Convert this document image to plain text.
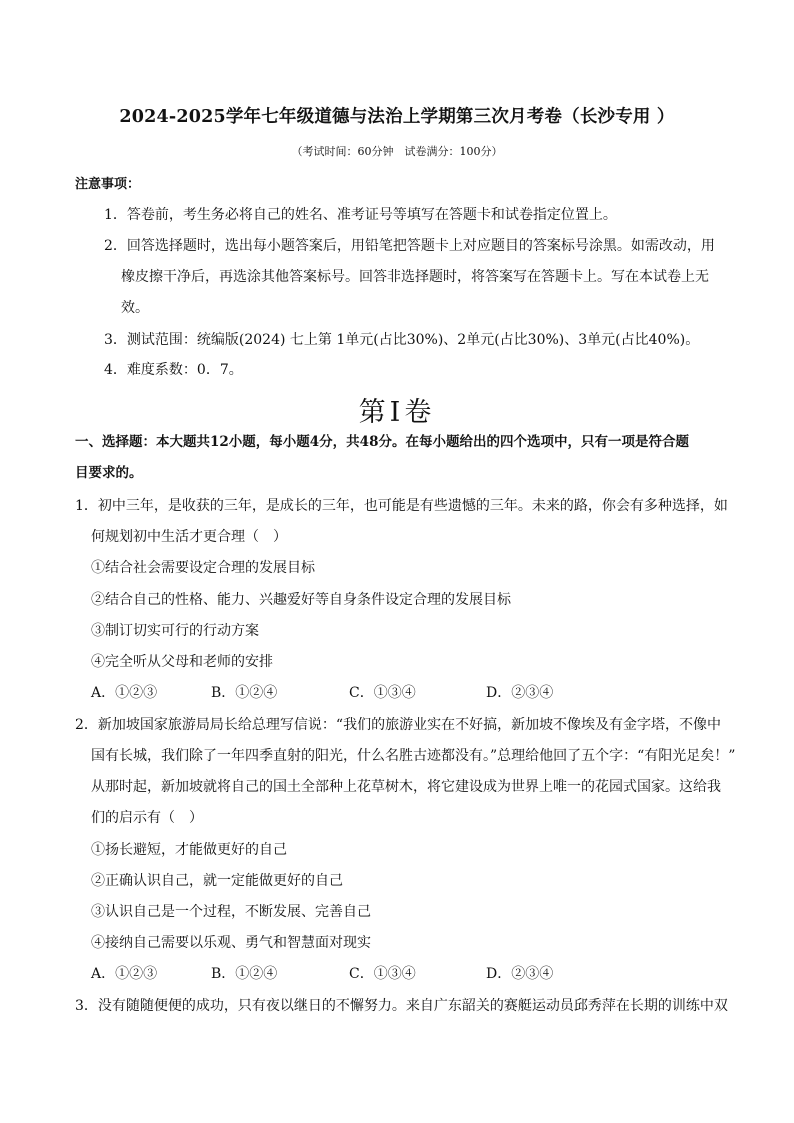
2024-2025学年七年级道德与法治上学期第三次月考卷（长沙专用 ）
（考试时间：60分钟　试卷满分：100分）
注意事项：
1．答卷前，考生务必将自己的姓名、准考证号等填写在答题卡和试卷指定位置上。
2．回答选择题时，选出每小题答案后，用铅笔把答题卡上对应题目的答案标号涂黑。如需改动，用
橡皮擦干净后，再选涂其他答案标号。回答非选择题时，将答案写在答题卡上。写在本试卷上无
效。
3．测试范围：统编版(2024) 七上第 1单元(占比30%)、2单元(占比30%)、3单元(占比40%)。
4．难度系数：0．7。
第Ⅰ卷
一、选择题：本大题共12小题，每小题4分，共48分。在每小题给出的四个选项中，只有一项是符合题
目要求的。
1．初中三年，是收获的三年，是成长的三年，也可能是有些遗憾的三年。未来的路，你会有多种选择，如
何规划初中生活才更合理（　）
①结合社会需要设定合理的发展目标
②结合自己的性格、能力、兴趣爱好等自身条件设定合理的发展目标
③制订切实可行的行动方案
④完全听从父母和老师的安排
A．①②③	B．①②④	C．①③④	D．②③④
2．新加坡国家旅游局局长给总理写信说：“我们的旅游业实在不好搞，新加坡不像埃及有金字塔，不像中
国有长城，我们除了一年四季直射的阳光，什么名胜古迹都没有。”总理给他回了五个字：“有阳光足矣！”
从那时起，新加坡就将自己的国土全部种上花草树木，将它建设成为世界上唯一的花园式国家。这给我
们的启示有（　）
①扬长避短，才能做更好的自己
②正确认识自己，就一定能做更好的自己
③认识自己是一个过程，不断发展、完善自己
④接纳自己需要以乐观、勇气和智慧面对现实
A．①②③	B．①②④	C．①③④	D．②③④
3．没有随随便便的成功，只有夜以继日的不懈努力。来自广东韶关的赛艇运动员邱秀萍在长期的训练中双
